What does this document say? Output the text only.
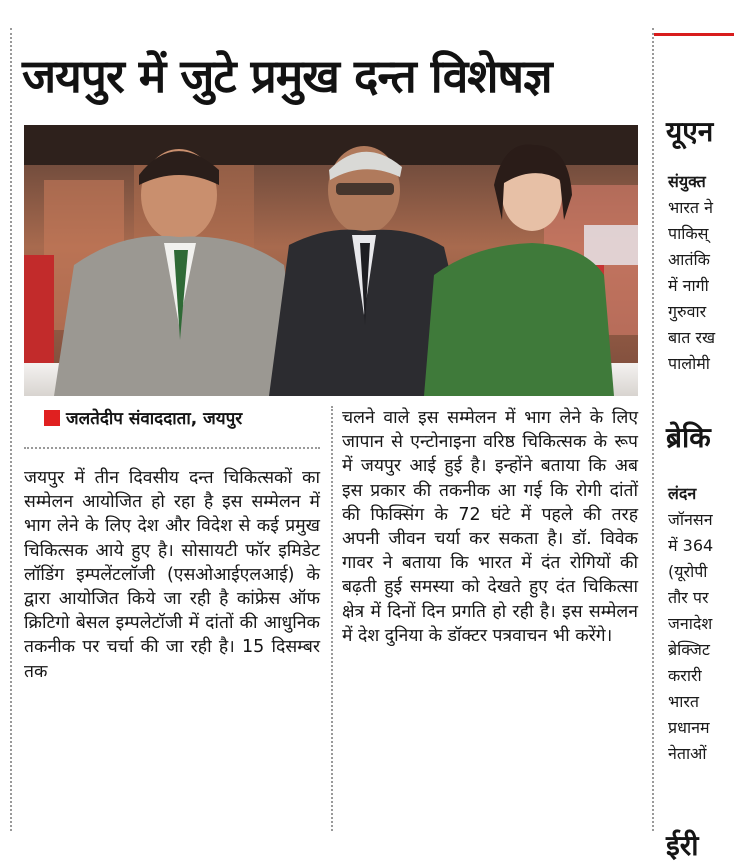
जयपुर में जुटे प्रमुख दन्त विशेषज्ञ
जलतेदीप संवाददाता, जयपुर
जयपुर में तीन दिवसीय दन्त चिकित्सकों का सम्मेलन आयोजित हो रहा है इस सम्मेलन में भाग लेने के लिए देश और विदेश से कई प्रमुख चिकित्सक आये हुए है। सोसायटी फॉर इमिडेट लॉडिंग इम्पलेंटलॉजी (एसओआईएलआई) के द्वारा आयोजित किये जा रही है कांफ्रेस ऑफ क्रिटिगो बेसल इम्पलेटॉजी में दांतों की आधुनिक तकनीक पर चर्चा की जा रही है। 15 दिसम्बर तक
चलने वाले इस सम्मेलन में भाग लेने के लिए जापान से एन्टोनाइना वरिष्ठ चिकित्सक के रूप में जयपुर आई हुई है। इन्होंने बताया कि अब इस प्रकार की तकनीक आ गई कि रोगी दांतों की फिक्सिंग के 72 घंटे में पहले की तरह अपनी जीवन चर्या कर सकता है। डॉ. विवेक गावर ने बताया कि भारत में दंत रोगियों की बढ़ती हुई समस्या को देखते हुए दंत चिकित्सा क्षेत्र में दिनों दिन प्रगति हो रही है। इस सम्मेलन में देश दुनिया के डॉक्टर पत्रवाचन भी करेंगे।
यूएन
संयुक्त
भारत ने
पाकिस्
आतंकि
में नागी
गुरुवार
बात रख
पालोमी
ब्रेकि
लंदन
जॉनसन
में 364
(यूरोपी
तौर पर
जनादेश
ब्रेक्जिट
करारी
भारत
प्रधानम
नेताओं
ईरी
